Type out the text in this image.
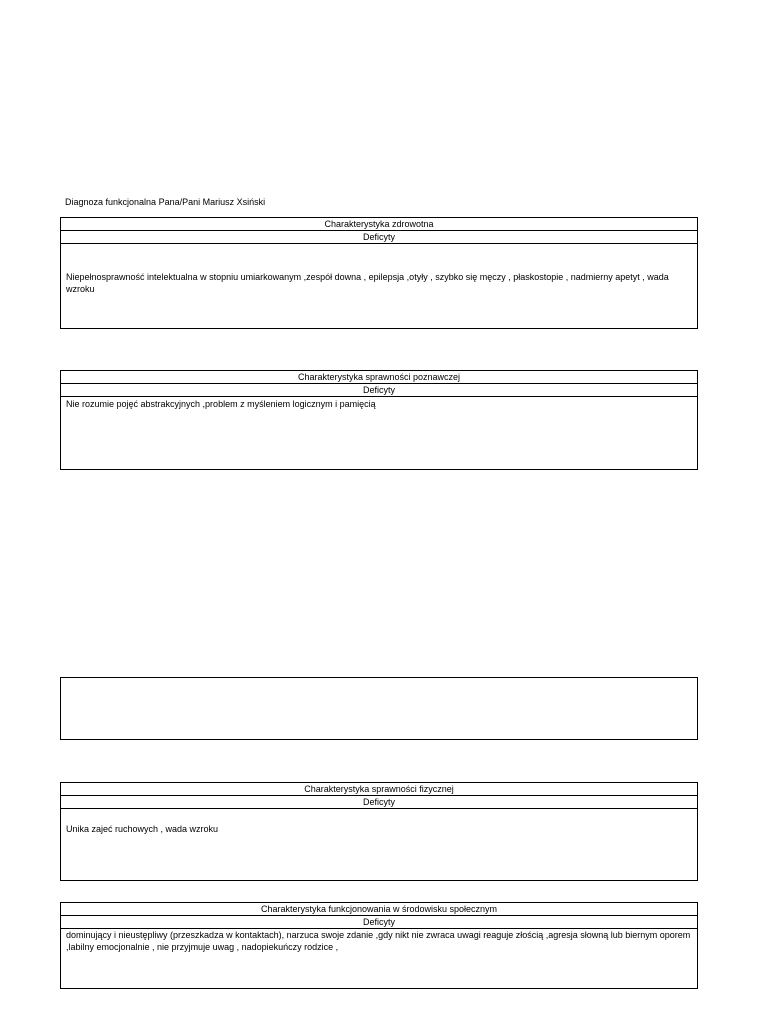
Diagnoza funkcjonalna Pana/Pani Mariusz Xsiński
Charakterystyka zdrowotna
Deficyty
Niepełnosprawność intelektualna w stopniu umiarkowanym ,zespół downa , epilepsja ,otyły , szybko się męczy , płaskostopie , nadmierny apetyt , wada wzroku
Charakterystyka sprawności poznawczej
Deficyty
Nie rozumie pojęć abstrakcyjnych ,problem z myśleniem logicznym i pamięcią
Charakterystyka sprawności fizycznej
Deficyty
Unika zajeć ruchowych , wada wzroku
Charakterystyka funkcjonowania w środowisku społecznym
Deficyty
dominujący i nieustępliwy (przeszkadza w kontaktach), narzuca swoje zdanie ,gdy nikt nie zwraca uwagi reaguje złością ,agresja słowną lub biernym oporem ,labilny emocjonalnie , nie przyjmuje uwag , nadopiekuńczy rodzice ,
